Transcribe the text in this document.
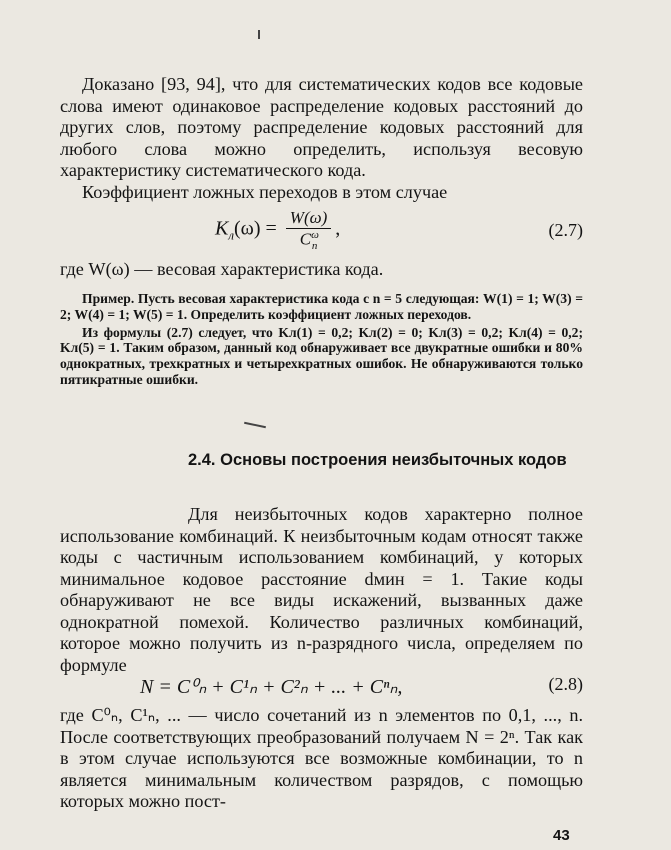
Доказано [93, 94], что для систематических кодов все кодовые слова имеют одинаковое распределение кодовых расстояний до других слов, поэтому распределение кодовых расстояний для любого слова можно определить, используя весовую характеристику систематического кода.

Коэффициент ложных переходов в этом случае

$K_л(\omega) = \frac{W(\omega)}{C^\omega_n}$ ,	(2.7)

где W(ω) — весовая характеристика кода.

Пример. Пусть весовая характеристика кода с n = 5 следующая: W(1) = 1; W(3) = 2; W(4) = 1; W(5) = 1. Определить коэффициент ложных переходов.

Из формулы (2.7) следует, что Kл(1) = 0,2; Kл(2) = 0; Kл(3) = 0,2; Kл(4) = 0,2; Kл(5) = 1. Таким образом, данный код обнаруживает все двукратные ошибки и 80% однократных, трехкратных и четырехкратных ошибок. Не обнаруживаются только пятикратные ошибки.

2.4. Основы построения неизбыточных кодов

Для неизбыточных кодов характерно полное использование комбинаций. К неизбыточным кодам относят также коды с частичным использованием комбинаций, у которых минимальное кодовое расстояние dмин = 1. Такие коды обнаруживают не все виды искажений, вызванных даже однократной помехой. Количество различных комбинаций, которое можно получить из n-разрядного числа, определяем по формуле

N = C⁰ₙ + C¹ₙ + C²ₙ + ... + Cⁿₙ,	(2.8)

где C⁰ₙ, C¹ₙ, ... — число сочетаний из n элементов по 0,1, ..., n. После соответствующих преобразований получаем N = 2ⁿ. Так как в этом случае используются все возможные комбинации, то n является минимальным количеством разрядов, с помощью которых можно пост-

43
